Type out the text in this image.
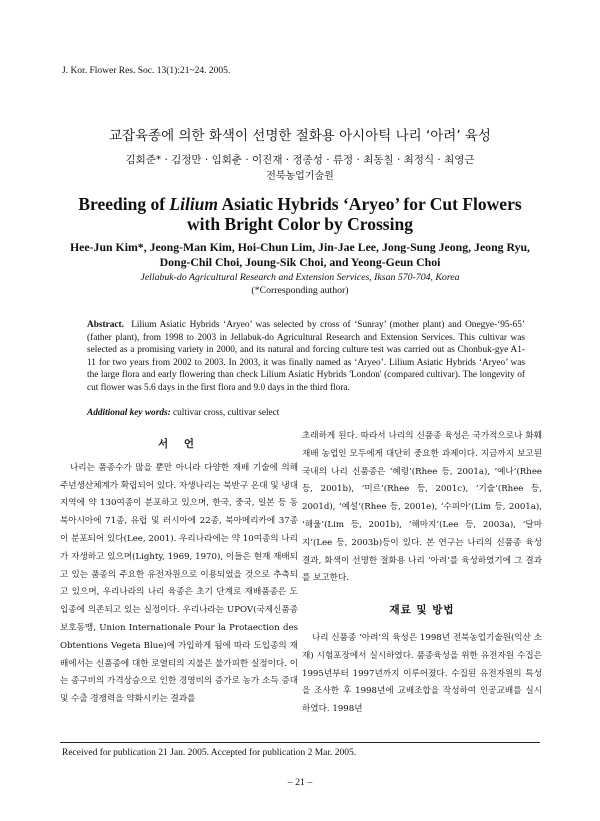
J. Kor. Flower Res. Soc. 13(1):21~24. 2005.
교잡육종에 의한 화색이 선명한 절화용 아시아틱 나리 ‘아려’ 육성
김회준* · 김정만 · 임회춘 · 이진재 · 정종성 · 류정 · 최동칠 · 최정식 · 최영근
전북농업기술원
Breeding of Lilium Asiatic Hybrids ‘Aryeo’ for Cut Flowers with Bright Color by Crossing
Hee-Jun Kim*, Jeong-Man Kim, Hoi-Chun Lim, Jin-Jae Lee, Jong-Sung Jeong, Jeong Ryu, Dong-Chil Choi, Joung-Sik Choi, and Yeong-Geun Choi
Jellabuk-do Agricultural Research and Extension Services, Iksan 570-704, Korea
(*Corresponding author)
Abstract. Lilium Asiatic Hybrids ‘Aryeo’ was selected by cross of ‘Sunray’ (mother plant) and Onegye-‘95-65’ (father plant), from 1998 to 2003 in Jellabuk-do Agricultural Research and Extension Services. This cultivar was selected as a promising variety in 2000, and its natural and forcing culture test was carried out as Chonbuk-gye A1-11 for two years from 2002 to 2003. In 2003, it was finally named as ‘Aryeo’. Lilium Asiatic Hybrids ‘Aryeo’ was the large flora and early flowering than check Lilium Asiatic Hybrids 'London' (compared cultivar). The longevity of cut flower was 5.6 days in the first flora and 9.0 days in the third flora.
Additional key words: cultivar cross, cultivar select
서 언

나리는 품종수가 많을 뿐만 아니라 다양한 재배 기술에 의해 주년생산체계가 확립되어 있다. 자생나리는 북반구 온대 및 냉대지역에 약 130여종이 분포하고 있으며, 한국, 중국, 일본 등 동북아시아에 71종, 유럽 및 러시아에 22종, 북아메리카에 37종이 분포되어 있다(Lee, 2001). 우리나라에는 약 10여종의 나리가 자생하고 있으며(Lighty, 1969, 1970), 이들은 현재 재배되고 있는 품종의 주요한 유전자원으로 이용되었을 것으로 추측되고 있으며, 우리나라의 나리 육종은 초기 단계로 재배품종은 도입종에 의존되고 있는 실정이다. 우리나라는 UPOV(국제신품종보호동맹, Union Internationale Pour la Protaection des Obtentions Vegeta Blue)에 가입하게 됨에 따라 도입종의 재배에서는 신품종에 대한 로열티의 지불은 불가피한 실정이다. 이는 종구비의 가격상승으로 인한 경영비의 증가로 농가 소득 증대 및 수출 경쟁력을 약화시키는 결과를

초래하게 된다. 따라서 나리의 신품종 육성은 국가적으로나 화훼재배 농업인 모두에게 대단히 중요한 과제이다. 지금까지 보고된 국내의 나리 신품종은 ‘혜령’(Rhee 등, 2001a), ‘예나’(Rhee 등, 2001b), ‘미르’(Rhee 등, 2001c), ‘기술’(Rhee 등, 2001d), ‘예설’(Rhee 등, 2001e), ‘수피아’(Lim 등, 2001a), ‘해울’(Lim 등, 2001b), ‘해마지’(Lee 등, 2003a), ‘달마지’(Lee 등, 2003b)등이 있다. 본 연구는 나리의 신품종 육성 결과, 화색이 선명한 절화용 나리 ‘아려’를 육성하였기에 그 결과를 보고한다.

재료 및 방법

나리 신품종 ‘아려’의 육성은 1998년 전북농업기술원(익산 소재) 시험포장에서 실시하였다. 품종육성을 위한 유전자원 수집은 1995년부터 1997년까지 이루어졌다. 수집된 유전자원의 특성을 조사한 후 1998년에 교배조합을 작성하여 인공교배를 실시하였다. 1998년

Received for publication 21 Jan. 2005. Accepted for publication 2 Mar. 2005.
– 21 –
